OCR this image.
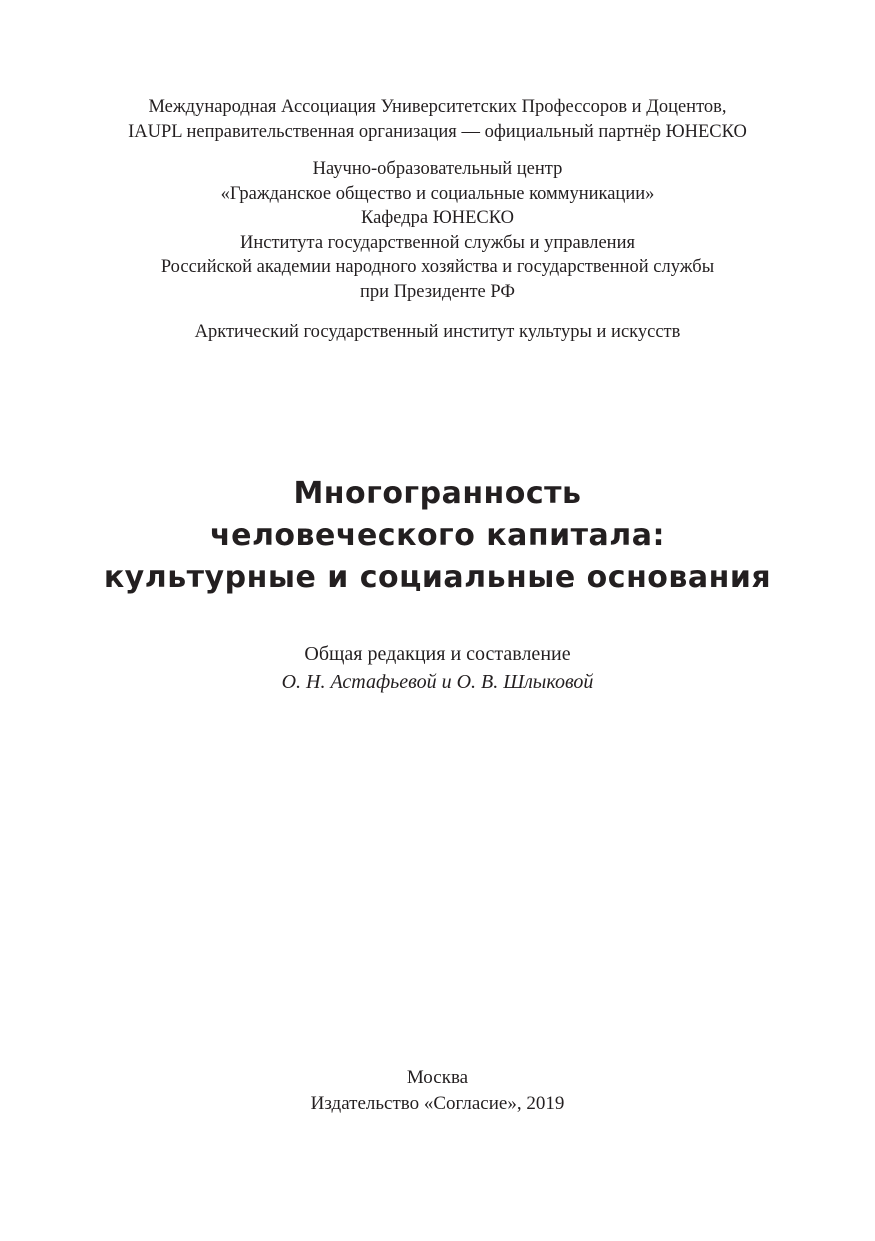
Международная Ассоциация Университетских Профессоров и Доцентов,
IAUPL неправительственная организация — официальный партнёр ЮНЕСКО
Научно-образовательный центр
«Гражданское общество и социальные коммуникации»
Кафедра ЮНЕСКО
Института государственной службы и управления
Российской академии народного хозяйства и государственной службы
при Президенте РФ
Арктический государственный институт культуры и искусств
Многогранность
человеческого капитала:
культурные и социальные основания
Общая редакция и составление
О. Н. Астафьевой и О. В. Шлыковой
Москва
Издательство «Согласие», 2019
